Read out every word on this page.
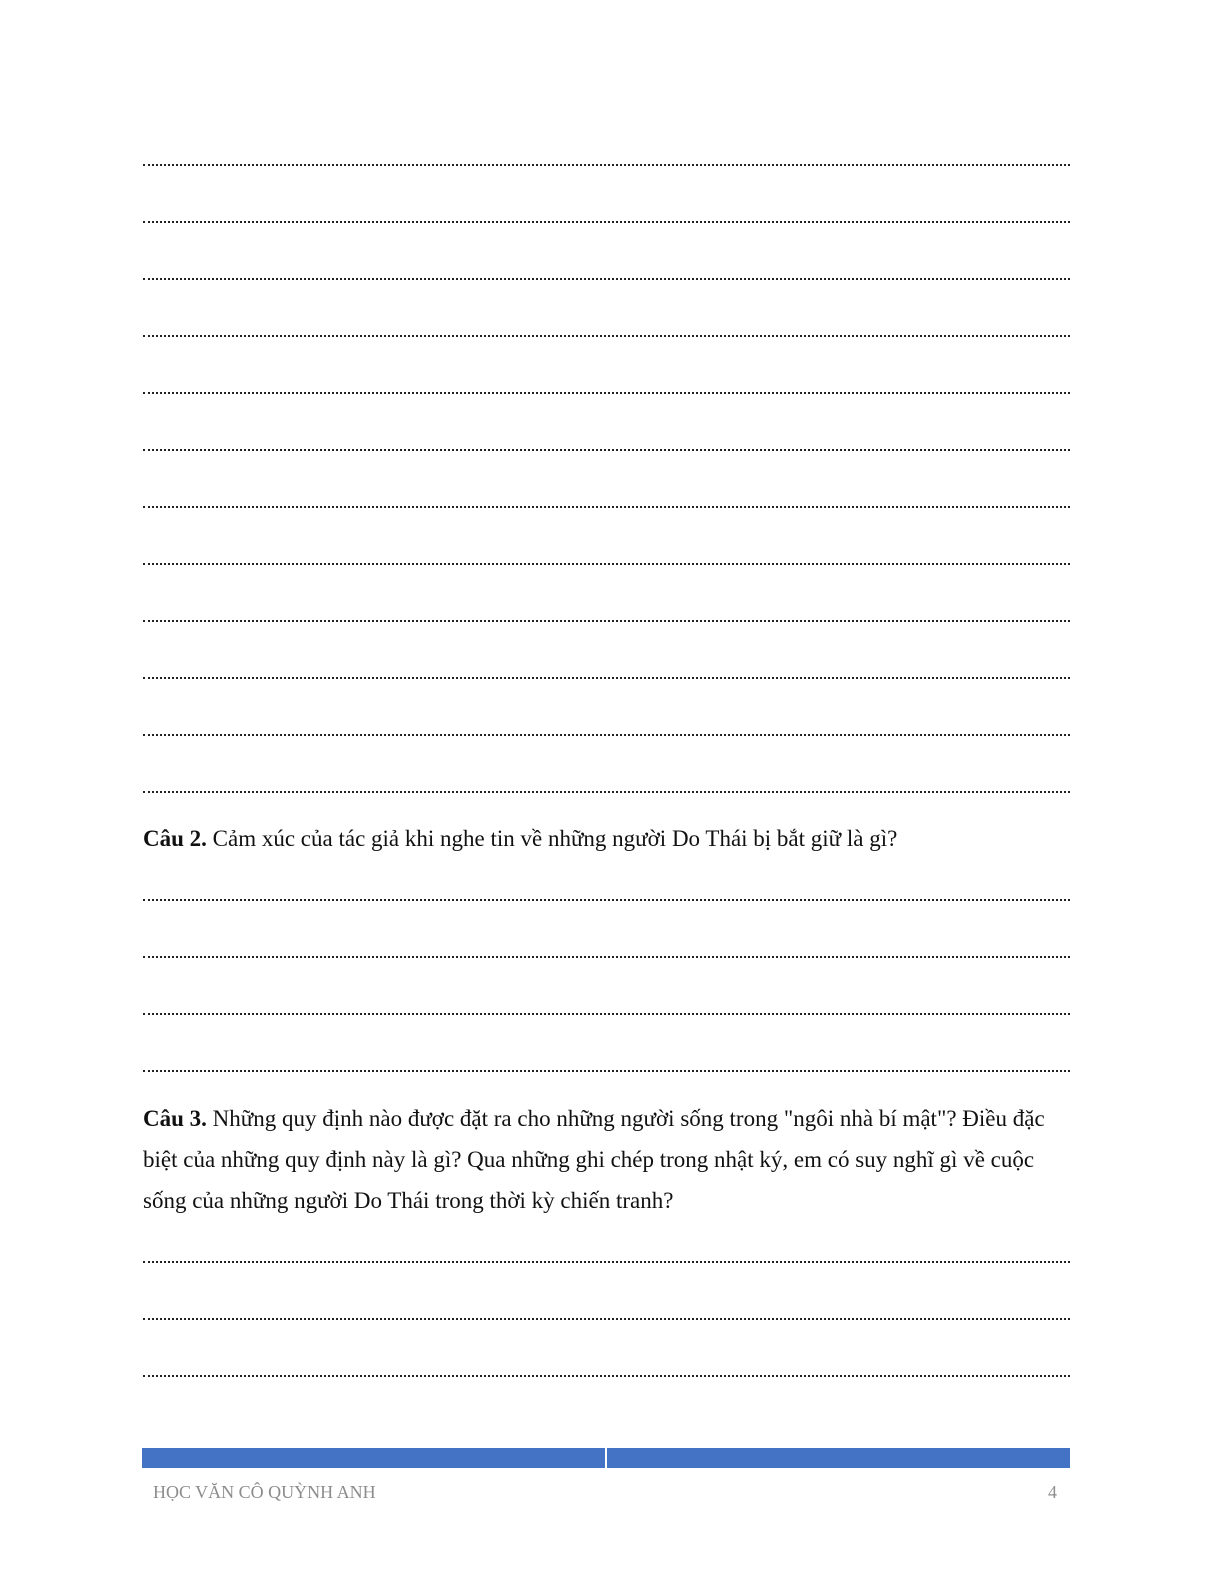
Câu 2. Cảm xúc của tác giả khi nghe tin về những người Do Thái bị bắt giữ là gì?
Câu 3. Những quy định nào được đặt ra cho những người sống trong "ngôi nhà bí mật"? Điều đặc biệt của những quy định này là gì? Qua những ghi chép trong nhật ký, em có suy nghĩ gì về cuộc sống của những người Do Thái trong thời kỳ chiến tranh?
HỌC VĂN CÔ QUỲNH ANH	4
